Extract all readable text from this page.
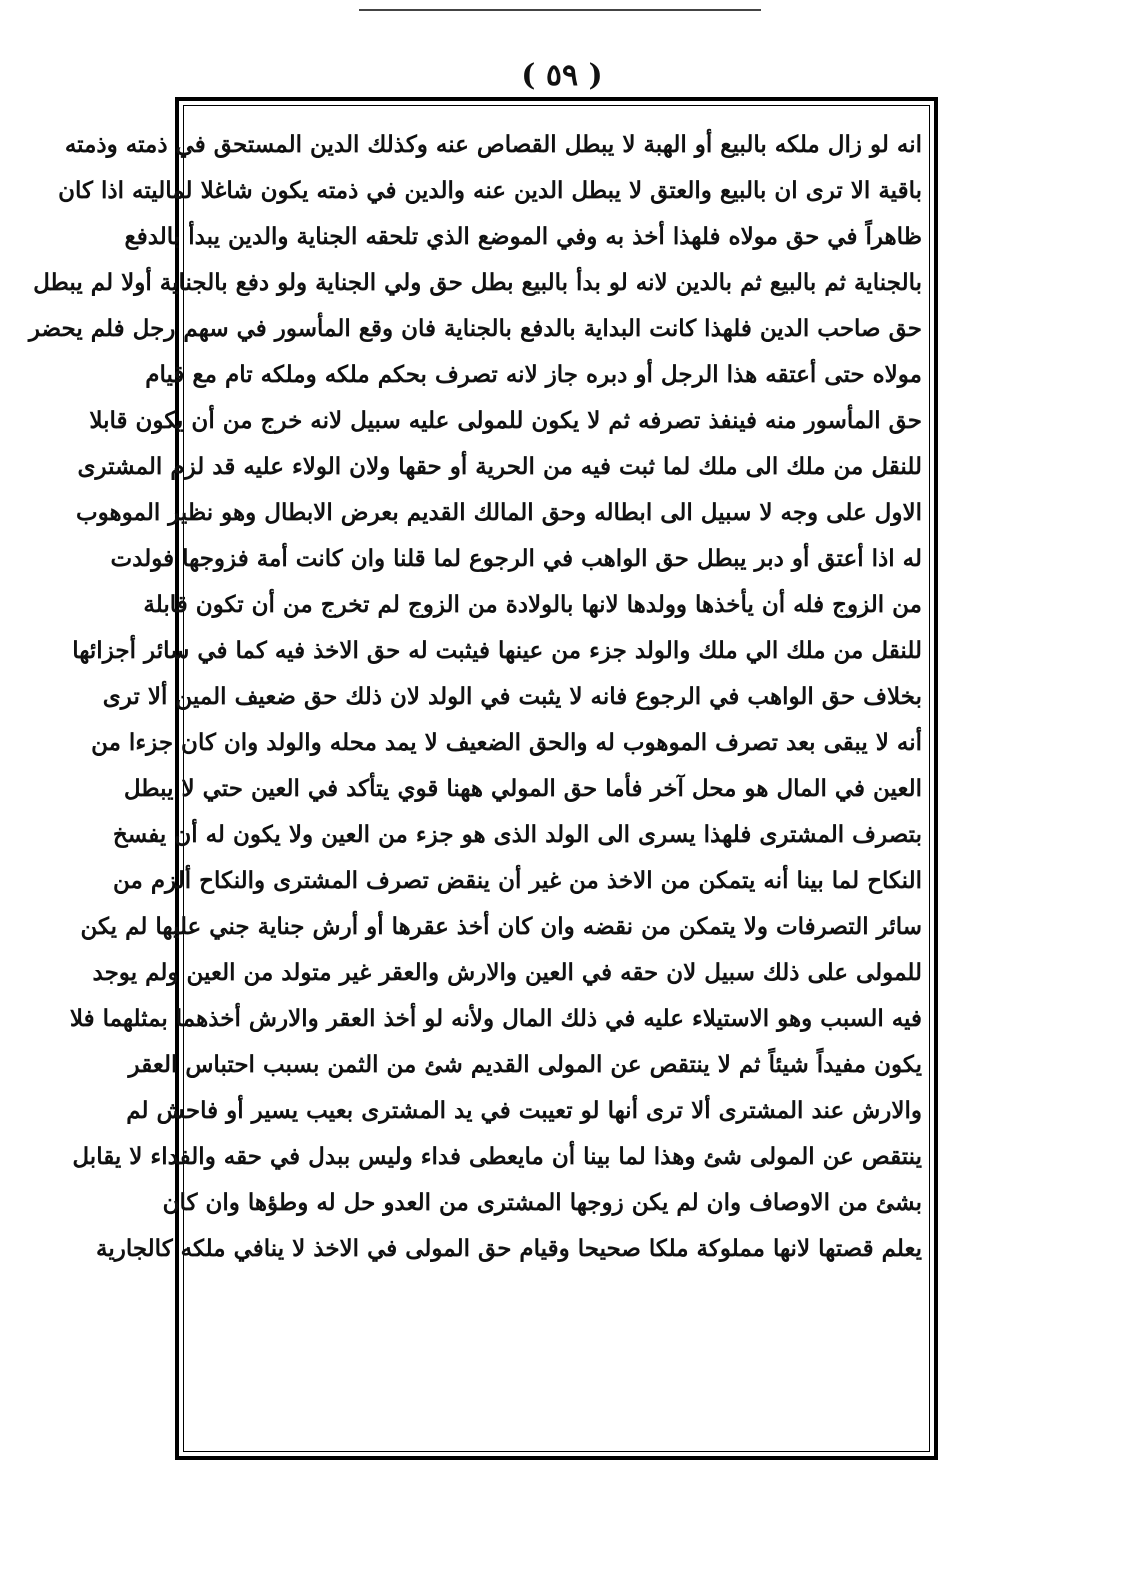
( ٥٩ )
انه لو زال ملكه بالبيع أو الهبة لا يبطل القصاص عنه وكذلك الدين المستحق في ذمته وذمته
باقية الا ترى ان بالبيع والعتق لا يبطل الدين عنه والدين في ذمته يكون شاغلا لماليته اذا كان
ظاهراً في حق مولاه فلهذا أخذ به وفي الموضع الذي تلحقه الجناية والدين يبدأ بالدفع
بالجناية ثم بالبيع ثم بالدين لانه لو بدأ بالبيع بطل حق ولي الجناية ولو دفع بالجناية أولا لم يبطل
حق صاحب الدين فلهذا كانت البداية بالدفع بالجناية فان وقع المأسور في سهم رجل فلم يحضر
مولاه حتى أعتقه هذا الرجل أو دبره جاز لانه تصرف بحكم ملكه وملكه تام مع قيام
حق المأسور منه فينفذ تصرفه ثم لا يكون للمولى عليه سبيل لانه خرج من أن يكون قابلا
للنقل من ملك الى ملك لما ثبت فيه من الحرية أو حقها ولان الولاء عليه قد لزم المشترى
الاول على وجه لا سبيل الى ابطاله وحق المالك القديم بعرض الابطال وهو نظير الموهوب
له اذا أعتق أو دبر يبطل حق الواهب في الرجوع لما قلنا وان كانت أمة فزوجها فولدت
من الزوج فله أن يأخذها وولدها لانها بالولادة من الزوج لم تخرج من أن تكون قابلة
للنقل من ملك الي ملك والولد جزء من عينها فيثبت له حق الاخذ فيه كما في سائر أجزائها
بخلاف حق الواهب في الرجوع فانه لا يثبت في الولد لان ذلك حق ضعيف المين ألا ترى
أنه لا يبقى بعد تصرف الموهوب له والحق الضعيف لا يمد محله والولد وان كان جزءا من
العين في المال هو محل آخر فأما حق المولي ههنا قوي يتأكد في العين حتي لا يبطل
بتصرف المشترى فلهذا يسرى الى الولد الذى هو جزء من العين ولا يكون له أن يفسخ
النكاح لما بينا أنه يتمكن من الاخذ من غير أن ينقض تصرف المشترى والنكاح ألزم من
سائر التصرفات ولا يتمكن من نقضه وان كان أخذ عقرها أو أرش جناية جني عليها لم يكن
للمولى على ذلك سبيل لان حقه في العين والارش والعقر غير متولد من العين ولم يوجد
فيه السبب وهو الاستيلاء عليه في ذلك المال ولأنه لو أخذ العقر والارش أخذهما بمثلهما فلا
يكون مفيداً شيئاً ثم لا ينتقص عن المولى القديم شئ من الثمن بسبب احتباس العقر
والارش عند المشترى ألا ترى أنها لو تعيبت في يد المشترى بعيب يسير أو فاحش لم
ينتقص عن المولى شئ وهذا لما بينا أن مايعطى فداء وليس ببدل في حقه والفداء لا يقابل
بشئ من الاوصاف وان لم يكن زوجها المشترى من العدو حل له وطؤها وان كان
يعلم قصتها لانها مملوكة ملكا صحيحا وقيام حق المولى في الاخذ لا ينافي ملكه كالجارية
